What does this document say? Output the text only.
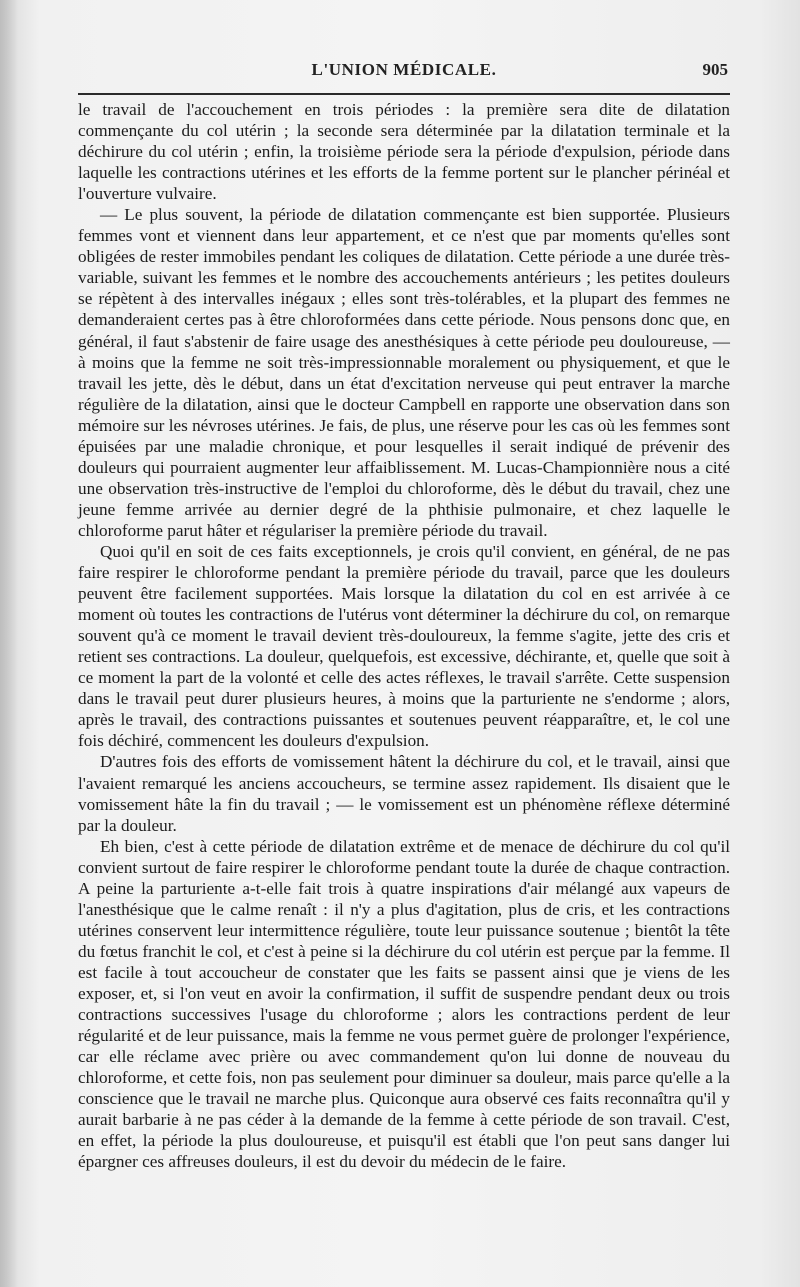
L'UNION MÉDICALE.	905

le travail de l'accouchement en trois périodes : la première sera dite de dilatation commençante du col utérin ; la seconde sera déterminée par la dilatation terminale et la déchirure du col utérin ; enfin, la troisième période sera la période d'expulsion, période dans laquelle les contractions utérines et les efforts de la femme portent sur le plancher périnéal et l'ouverture vulvaire.

— Le plus souvent, la période de dilatation commençante est bien supportée. Plusieurs femmes vont et viennent dans leur appartement, et ce n'est que par moments qu'elles sont obligées de rester immobiles pendant les coliques de dilatation. Cette période a une durée très-variable, suivant les femmes et le nombre des accouchements antérieurs ; les petites douleurs se répètent à des intervalles inégaux ; elles sont très-tolérables, et la plupart des femmes ne demanderaient certes pas à être chloroformées dans cette période. Nous pensons donc que, en général, il faut s'abstenir de faire usage des anesthésiques à cette période peu douloureuse, — à moins que la femme ne soit très-impressionnable moralement ou physiquement, et que le travail les jette, dès le début, dans un état d'excitation nerveuse qui peut entraver la marche régulière de la dilatation, ainsi que le docteur Campbell en rapporte une observation dans son mémoire sur les névroses utérines. Je fais, de plus, une réserve pour les cas où les femmes sont épuisées par une maladie chronique, et pour lesquelles il serait indiqué de prévenir des douleurs qui pourraient augmenter leur affaiblissement. M. Lucas-Championnière nous a cité une observation très-instructive de l'emploi du chloroforme, dès le début du travail, chez une jeune femme arrivée au dernier degré de la phthisie pulmonaire, et chez laquelle le chloroforme parut hâter et régulariser la première période du travail.

Quoi qu'il en soit de ces faits exceptionnels, je crois qu'il convient, en général, de ne pas faire respirer le chloroforme pendant la première période du travail, parce que les douleurs peuvent être facilement supportées. Mais lorsque la dilatation du col en est arrivée à ce moment où toutes les contractions de l'utérus vont déterminer la déchirure du col, on remarque souvent qu'à ce moment le travail devient très-douloureux, la femme s'agite, jette des cris et retient ses contractions. La douleur, quelquefois, est excessive, déchirante, et, quelle que soit à ce moment la part de la volonté et celle des actes réflexes, le travail s'arrête. Cette suspension dans le travail peut durer plusieurs heures, à moins que la parturiente ne s'endorme ; alors, après le travail, des contractions puissantes et soutenues peuvent réapparaître, et, le col une fois déchiré, commencent les douleurs d'expulsion.

D'autres fois des efforts de vomissement hâtent la déchirure du col, et le travail, ainsi que l'avaient remarqué les anciens accoucheurs, se termine assez rapidement. Ils disaient que le vomissement hâte la fin du travail ; — le vomissement est un phénomène réflexe déterminé par la douleur.

Eh bien, c'est à cette période de dilatation extrême et de menace de déchirure du col qu'il convient surtout de faire respirer le chloroforme pendant toute la durée de chaque contraction. A peine la parturiente a-t-elle fait trois à quatre inspirations d'air mélangé aux vapeurs de l'anesthésique que le calme renaît : il n'y a plus d'agitation, plus de cris, et les contractions utérines conservent leur intermittence régulière, toute leur puissance soutenue ; bientôt la tête du fœtus franchit le col, et c'est à peine si la déchirure du col utérin est perçue par la femme. Il est facile à tout accoucheur de constater que les faits se passent ainsi que je viens de les exposer, et, si l'on veut en avoir la confirmation, il suffit de suspendre pendant deux ou trois contractions successives l'usage du chloroforme ; alors les contractions perdent de leur régularité et de leur puissance, mais la femme ne vous permet guère de prolonger l'expérience, car elle réclame avec prière ou avec commandement qu'on lui donne de nouveau du chloroforme, et cette fois, non pas seulement pour diminuer sa douleur, mais parce qu'elle a la conscience que le travail ne marche plus. Quiconque aura observé ces faits reconnaîtra qu'il y aurait barbarie à ne pas céder à la demande de la femme à cette période de son travail. C'est, en effet, la période la plus douloureuse, et puisqu'il est établi que l'on peut sans danger lui épargner ces affreuses douleurs, il est du devoir du médecin de le faire.
